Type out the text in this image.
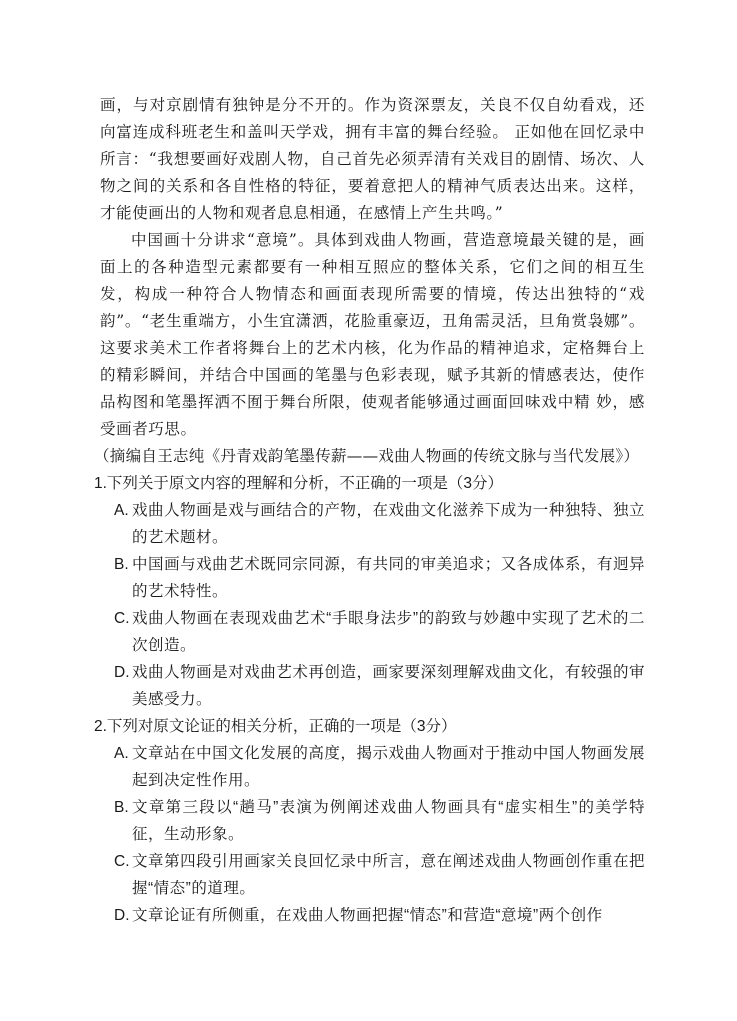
画，与对京剧情有独钟是分不开的。作为资深票友，关良不仅自幼看戏，还向富连成科班老生和盖叫天学戏，拥有丰富的舞台经验。 正如他在回忆录中所言：“我想要画好戏剧人物，自己首先必须弄清有关戏目的剧情、场次、人物之间的关系和各自性格的特征，要着意把人的精神气质表达出来。这样，才能使画出的人物和观者息息相通，在感情上产生共鸣。”

中国画十分讲求“意境”。具体到戏曲人物画，营造意境最关键的是，画面上的各种造型元素都要有一种相互照应的整体关系，它们之间的相互生发，构成一种符合人物情态和画面表现所需要的情境，传达出独特的“戏韵”。“老生重端方，小生宜潇洒，花脸重豪迈，丑角需灵活，旦角赏袅娜”。这要求美术工作者将舞台上的艺术内核，化为作品的精神追求，定格舞台上的精彩瞬间，并结合中国画的笔墨与色彩表现，赋予其新的情感表达，使作品构图和笔墨挥洒不囿于舞台所限，使观者能够通过画面回味戏中精 妙，感受画者巧思。

（摘编自王志纯《丹青戏韵笔墨传薪——戏曲人物画的传统文脉与当代发展》）

1.下列关于原文内容的理解和分析，不正确的一项是（3分）

A. 戏曲人物画是戏与画结合的产物，在戏曲文化滋养下成为一种独特、独立的艺术题材。
B. 中国画与戏曲艺术既同宗同源，有共同的审美追求；又各成体系，有迥异的艺术特性。
C. 戏曲人物画在表现戏曲艺术“手眼身法步”的韵致与妙趣中实现了艺术的二次创造。
D. 戏曲人物画是对戏曲艺术再创造，画家要深刻理解戏曲文化，有较强的审美感受力。

2.下列对原文论证的相关分析，正确的一项是（3分）

A. 文章站在中国文化发展的高度，揭示戏曲人物画对于推动中国人物画发展起到决定性作用。
B. 文章第三段以“趟马”表演为例阐述戏曲人物画具有“虚实相生”的美学特征，生动形象。
C. 文章第四段引用画家关良回忆录中所言，意在阐述戏曲人物画创作重在把握“情态”的道理。
D. 文章论证有所侧重，在戏曲人物画把握“情态”和营造“意境”两个创作
